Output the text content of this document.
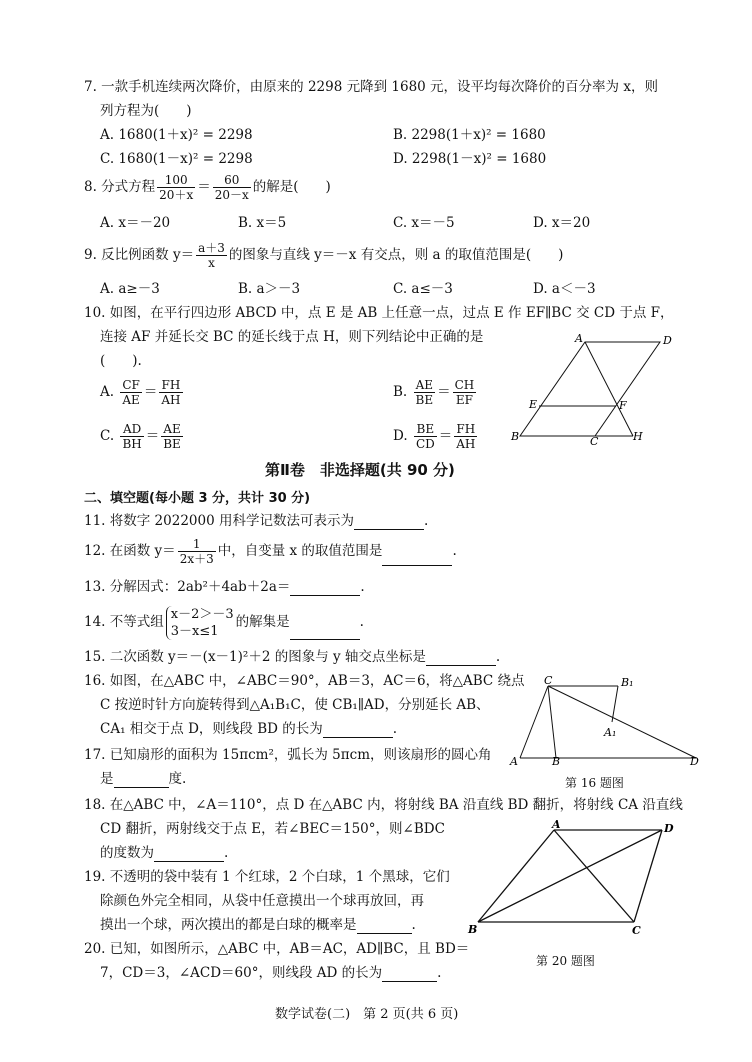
7. 一款手机连续两次降价，由原来的 2298 元降到 1680 元，设平均每次降价的百分率为 x，则
列方程为(　　)
A. 1680(1＋x)² = 2298	B. 2298(1＋x)² = 1680
C. 1680(1－x)² = 2298	D. 2298(1－x)² = 1680
8. 分式方程 $\frac{100}{20+x} = \frac{60}{20-x}$ 的解是(　　)
A. x＝－20	B. x＝5	C. x＝－5	D. x＝20
9. 反比例函数 $y= \frac{a+3}{x}$ 的图象与直线 y＝－x 有交点，则 a 的取值范围是(　　)
A. a≥－3	B. a＞－3	C. a≤－3	D. a＜－3
10. 如图，在平行四边形 ABCD 中，点 E 是 AB 上任意一点，过点 E 作 EF∥BC 交 CD 于点 F，
连接 AF 并延长交 BC 的延长线于点 H，则下列结论中正确的是
(　　).
A. $\frac{CF}{AE} = \frac{FH}{AH}$	B. $\frac{AE}{BE} = \frac{CH}{EF}$
C. $\frac{AD}{BH} = \frac{AE}{BE}$	D. $\frac{BE}{CD} = \frac{FH}{AH}$
A	D
E	F
B	C	H
第Ⅱ卷　非选择题(共 90 分)
二、填空题(每小题 3 分，共计 30 分)
11. 将数字 2022000 用科学记数法可表示为	.
12. 在函数 $y= \frac{1}{2x+3}$ 中，自变量 x 的取值范围是	.
13. 分解因式：2ab²＋4ab＋2a＝	.
14. 不等式组 x－2＞－3
3－x≤1
的解集是	.
15. 二次函数 y＝－(x－1)²＋2 的图象与 y 轴交点坐标是	.
16. 如图，在△ABC 中，∠ABC＝90°，AB＝3，AC＝6，将△ABC 绕点
C 按逆时针方向旋转得到△A₁B₁C，使 CB₁∥AD，分别延长 AB、
CA₁ 相交于点 D，则线段 BD 的长为	.
C	B₁
A₁
A	B	D
第 16 题图
17. 已知扇形的面积为 15πcm²，弧长为 5πcm，则该扇形的圆心角
是	度.
18. 在△ABC 中，∠A＝110°，点 D 在△ABC 内，将射线 BA 沿直线 BD 翻折，将射线 CA 沿直线
CD 翻折，两射线交于点 E，若∠BEC＝150°，则∠BDC
的度数为	.
19. 不透明的袋中装有 1 个红球，2 个白球，1 个黑球，它们
除颜色外完全相同，从袋中任意摸出一个球再放回，再
摸出一个球，两次摸出的都是白球的概率是	.
20. 已知，如图所示，△ABC 中，AB＝AC，AD∥BC，且 BD＝
7，CD＝3，∠ACD＝60°，则线段 AD 的长为	.
A	D
B	C
第 20 题图
数学试卷(二)　第 2 页(共 6 页)
